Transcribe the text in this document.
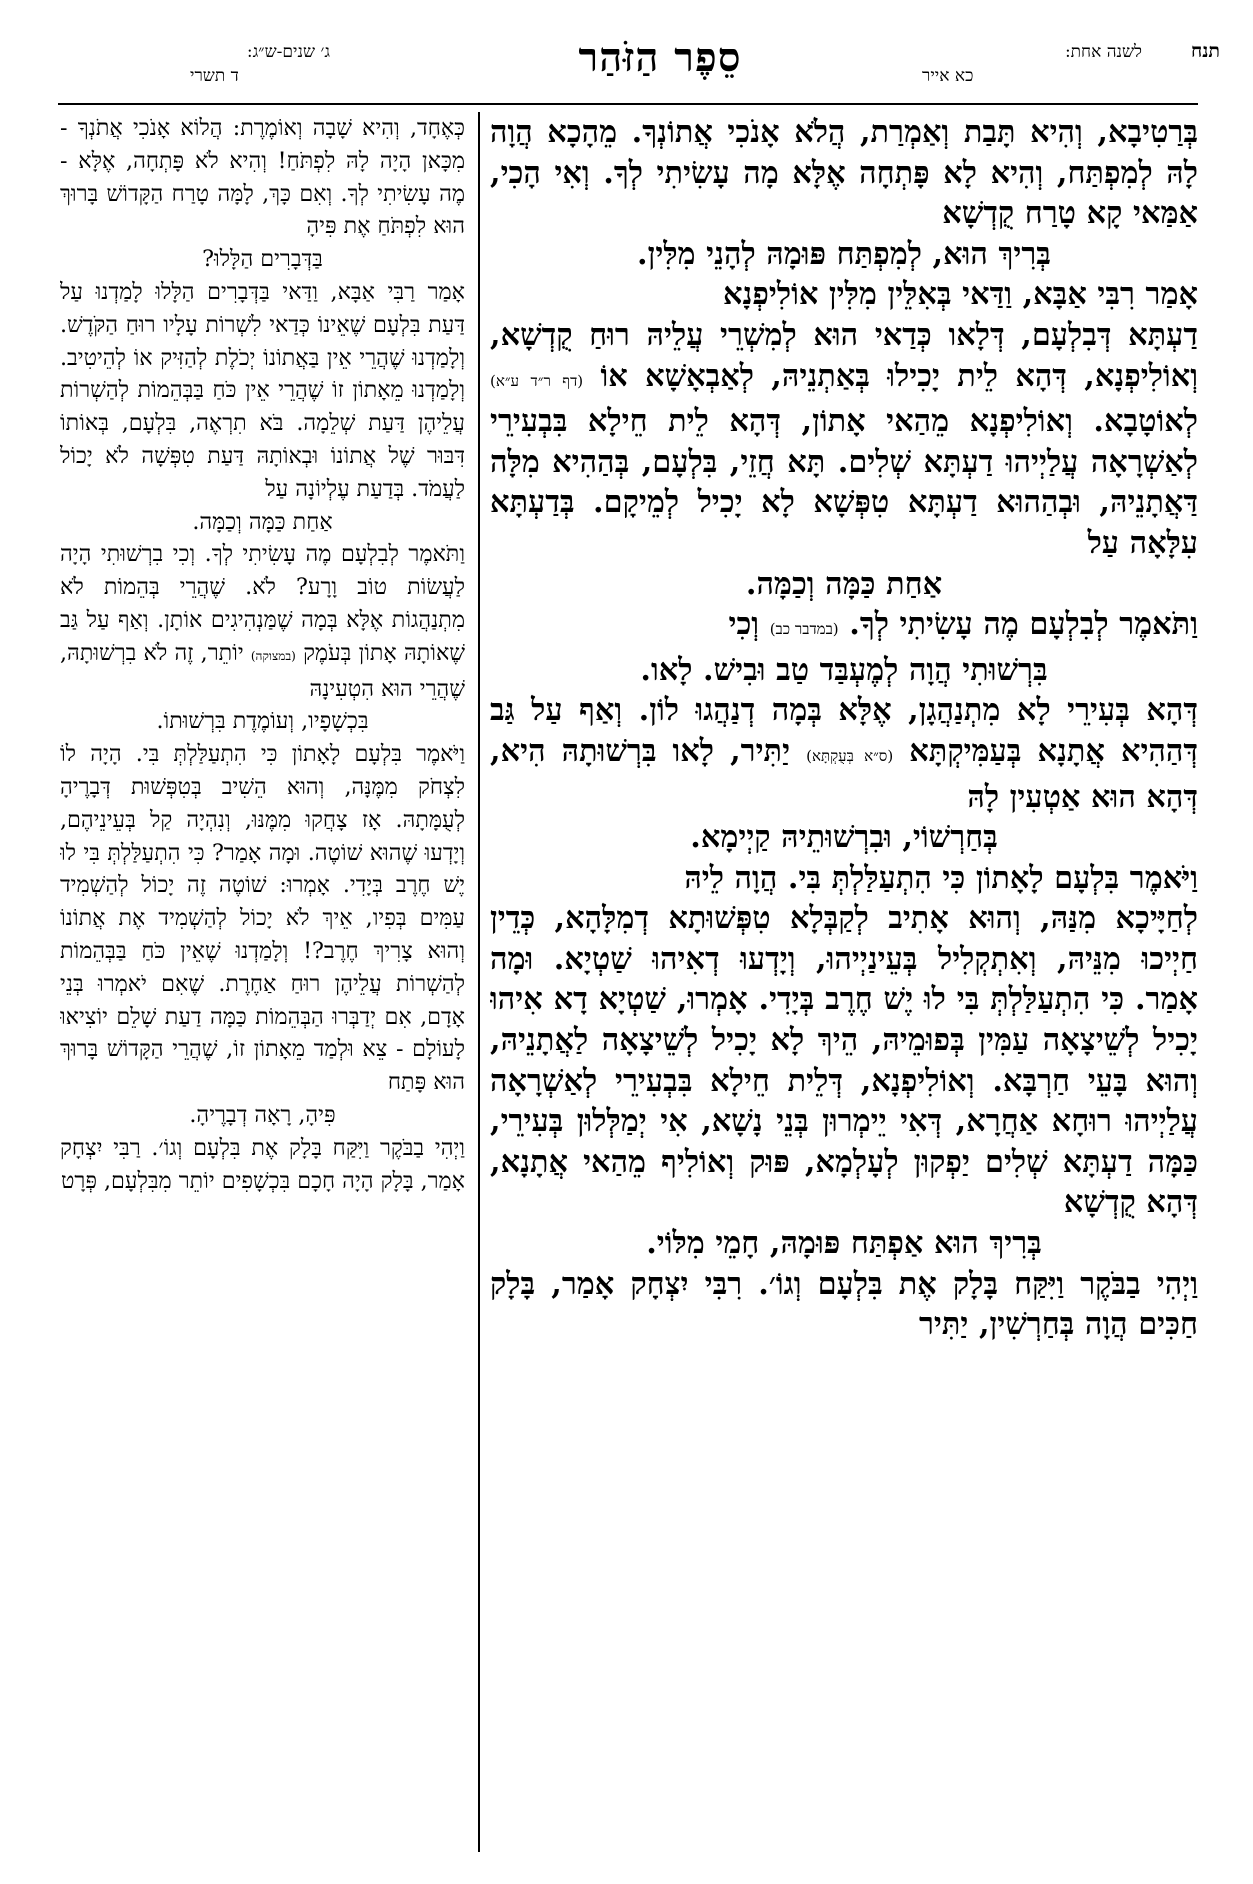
תנח
לשנה אחת:
כא אייר
סֵפֶר הַזֹּהַר
ג׳ שנים-ש״ג:
ד תשרי

בְּרַטִיבָא, וְהִיא תָּבַת וְאַמְרַת, הֲלֹא אָנֹכִי אֲתוֹנְךָ. מֵהָכָא הֲוָה לָהּ לְמִפְתַּח, וְהִיא לָא פָּתְחָה אֶלָּא מָה עָשִׂיתִי לְךָ. וְאִי הָכִי, אַמַּאי קָא טָרַח קֻדְשָׁא

בְּרִיךְ הוּא, לְמִפְתַּח פּוּמָהּ לְהָנֵי מִלִּין.

אָמַר רִבִּי אַבָּא, וַדַּאי בְּאִלֵּין מִלִּין אוֹלִיפְנָא

דַעְתָּא דְּבִלְעָם, דְּלָאו כְּדַאי הוּא לְמִשְׁרֵי עֲלֵיהּ רוּחַ קֻדְשָׁא, וְאוֹלִיפְנָא, דְּהָא לֵית יָכִילוּ בְּאַתְנֵיהּ, לְאַבְאָשָׁא אוֹ (דף ר״ד ע״א) לְאוֹטָבָא. וְאוֹלִיפְנָא מֵהַאי אָתוֹן, דְּהָא לֵית חֵילָא בִּבְעִירֵי לְאַשְׁרָאָה עֲלַיְיהוּ דַעְתָּא שְׁלִים. תָּא חֲזֵי, בִּלְעָם, בְּהַהִיא מִלָּה דַּאֲתָנֵיהּ, וּבְהַהוּא דַעְתָּא טִפְּשָׁא לָא יָכִיל לְמֵיקָם. בְּדַעְתָּא עִלָּאָה עַל

אַחַת כַּמָּה וְכַמָּה.

וַתֹּאמֶר לְבִלְעָם מֶה עָשִׂיתִי לְךָ. (במדבר כב) וְכִי

בִּרְשׁוּתִי הֲוָה לְמֶעְבַּד טַב וּבִישׁ. לָאו.

דְּהָא בְּעִירֵי לָא מִתְנַהֲגָן, אֶלָּא בְּמָה דְנַהֲגוּ לוֹן. וְאַף עַל גַּב דְּהַהִיא אֲתָנָא בְּעַמִּיקְתָּא (ס״א בְּעֻקְתָּא) יַתִּיר, לָאו בִּרְשׁוּתָהּ הִיא, דְּהָא הוּא אַטְעִין לָהּ

בְּחַרְשׁוֹי, וּבִרְשׁוּתֵיהּ קַיְימָא.

וַיֹּאמֶר בִּלְעָם לָאָתוֹן כִּי הִתְעַלַּלְתְּ בִּי. הֲוָה לֵיהּ

לְחַיָּיכָא מִנַּהּ, וְהוּא אָתִיב לְקַבְּלָא טִפְּשׁוּתָא דְמִלָּהָא, כְּדֵין חַיְיכוּ מִנֵּיהּ, וְאִתְקְלִיל בְּעֵינַיְיהוּ, וְיָדְעוּ דְאִיהוּ שַׁטְיָא. וּמָה אָמַר. כִּי הִתְעַלַּלְתְּ בִּי לוּ יֶשׁ חֶרֶב בְּיָדִי. אָמְרוּ, שַׁטְיָא דָא אִיהוּ יָכִיל לְשֵׁיצָאָה עַמִּין בְּפוּמֵיהּ, הֵיךְ לָא יָכִיל לְשֵׁיצָאָה לַאֲתָנֵיהּ, וְהוּא בָּעֵי חַרְבָּא. וְאוֹלִיפְנָא, דְּלֵית חֵילָא בִּבְעִירֵי לְאַשְׁרָאָה עֲלַיְיהוּ רוּחָא אַחֲרָא, דְּאִי יֵימְרוּן בְּנֵי נָשָׁא, אִי יְמַלְּלוּן בְּעִירֵי, כַּמָּה דַעְתָּא שְׁלִים יַפְקוּן לְעָלְמָא, פּוּק וְאוֹלִיף מֵהַאי אֲתָנָא, דְּהָא קֻדְשָׁא

בְּרִיךְ הוּא אַפְתַּח פּוּמָהּ, חָמֵי מִלּוֹי.

וַיְהִי בַבֹּקֶר וַיִּקַּח בָּלָק אֶת בִּלְעָם וְגוֹ׳. רִבִּי יִצְחָק אָמַר, בָּלָק חַכִּים הֲוָה בְּחַרְשִׁין, יַתִּיר

כְּאֶחָד, וְהִיא שָׁבָה וְאוֹמֶרֶת: הֲלוֹא אָנֹכִי אֲתֹנְךָ - מִכָּאן הָיָה לָהּ לִפְתֹּחַ! וְהִיא לֹא פָּתְחָה, אֶלָּא - מֶה עָשִׂיתִי לְךָ. וְאִם כָּךְ, לָמָּה טָרַח הַקָּדוֹשׁ בָּרוּךְ הוּא לִפְתֹּחַ אֶת פִּיהָ

בַּדְּבָרִים הַלָּלוּ?

אָמַר רַבִּי אַבָּא, וַדַּאי בַּדְּבָרִים הַלָּלוּ לָמַדְנוּ עַל דַּעַת בִּלְעָם שֶׁאֵינוֹ כְּדַאי לִשְׁרוֹת עָלָיו רוּחַ הַקֹּדֶשׁ. וְלָמַדְנוּ שֶׁהֲרֵי אֵין בַּאֲתוֹנוֹ יְכֹלֶת לְהַזִּיק אוֹ לְהֵיטִיב. וְלָמַדְנוּ מֵאָתוֹן זוֹ שֶׁהֲרֵי אֵין כֹּחַ בַּבְּהֵמוֹת לְהַשְׁרוֹת עֲלֵיהֶן דַּעַת שְׁלֵמָה. בֹּא תִרְאֶה, בִּלְעָם, בְּאוֹתוֹ דִּבּוּר שֶׁל אֲתוֹנוֹ וּבְאוֹתָהּ דַּעַת טִפְּשָׁה לֹא יָכוֹל לַעֲמֹד. בְּדַעַת עֶלְיוֹנָה עַל

אַחַת כַּמָּה וְכַמָּה.

וַתֹּאמֶר לְבִלְעָם מֶה עָשִׂיתִי לְךָ. וְכִי בִרְשׁוּתִי הָיָה לַעֲשׂוֹת טוֹב וָרָע? לֹא. שֶׁהֲרֵי בְּהֵמוֹת לֹא מִתְנַהֲגוֹת אֶלָּא בְּמָה שֶׁמַּנְהִיגִים אוֹתָן. וְאַף עַל גַּב שֶׁאוֹתָהּ אָתוֹן בְּעֹמֶק (במצוקה) יוֹתֵר, זֶה לֹא בִרְשׁוּתָהּ, שֶׁהֲרֵי הוּא הִטְעִינָהּ

בִּכְשָׁפָיו, וְעוֹמֶדֶת בִּרְשׁוּתוֹ.

וַיֹּאמֶר בִּלְעָם לָאָתוֹן כִּי הִתְעַלַּלְתְּ בִּי. הָיָה לוֹ לִצְחֹק מִמֶּנָּה, וְהוּא הֵשִׁיב בְּטִפְּשׁוּת דְּבָרֶיהָ לְעֻמָּתָהּ. אָז צָחֲקוּ מִמֶּנּוּ, וְנִהְיָה קַל בְּעֵינֵיהֶם, וְיָדְעוּ שֶׁהוּא שׁוֹטֶה. וּמָה אָמַר? כִּי הִתְעַלַּלְתְּ בִּי לוּ יֶשׁ חֶרֶב בְּיָדִי. אָמְרוּ: שׁוֹטֶה זֶה יָכוֹל לְהַשְׁמִיד עַמִּים בְּפִיו, אֵיךְ לֹא יָכוֹל לְהַשְׁמִיד אֶת אֲתוֹנוֹ וְהוּא צָרִיךְ חֶרֶב?! וְלָמַדְנוּ שֶׁאֵין כֹּחַ בַּבְּהֵמוֹת לְהַשְׁרוֹת עֲלֵיהֶן רוּחַ אַחֶרֶת. שֶׁאִם יֹאמְרוּ בְּנֵי אָדָם, אִם יְדַבְּרוּ הַבְּהֵמוֹת כַּמָּה דַעַת שָׁלֵם יוֹצִיאוּ לָעוֹלָם - צֵא וּלְמַד מֵאָתוֹן זוֹ, שֶׁהֲרֵי הַקָּדוֹשׁ בָּרוּךְ הוּא פָּתַח

פִּיהָ, רָאָה דְבָרֶיהָ.

וַיְהִי בַבֹּקֶר וַיִּקַּח בָּלָק אֶת בִּלְעָם וְגוֹ׳. רַבִּי יִצְחָק אָמַר, בָּלָק הָיָה חָכָם בִּכְשָׁפִים יוֹתֵר מִבִּלְעָם, פְּרָט
